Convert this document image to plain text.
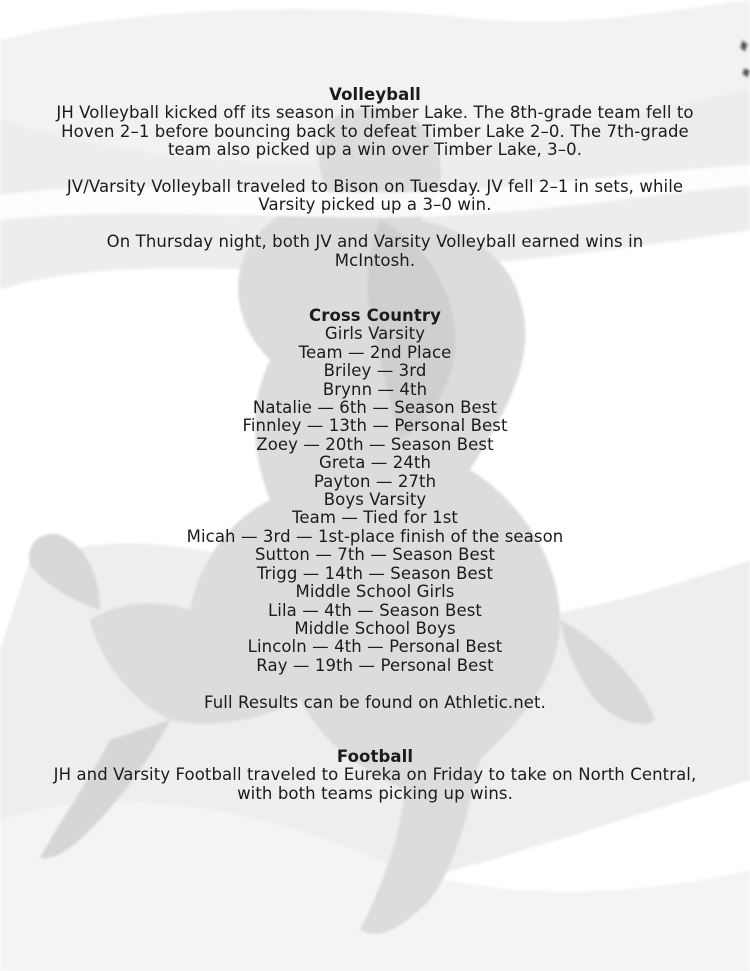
Volleyball

JH Volleyball kicked off its season in Timber Lake. The 8th-grade team fell to Hoven 2–1 before bouncing back to defeat Timber Lake 2–0. The 7th-grade team also picked up a win over Timber Lake, 3–0.

JV/Varsity Volleyball traveled to Bison on Tuesday. JV fell 2–1 in sets, while Varsity picked up a 3–0 win.

On Thursday night, both JV and Varsity Volleyball earned wins in McIntosh.

Cross Country

Girls Varsity

Team — 2nd Place

Briley — 3rd

Brynn — 4th

Natalie — 6th — Season Best

Finnley — 13th — Personal Best

Zoey — 20th — Season Best

Greta — 24th

Payton — 27th

Boys Varsity

Team — Tied for 1st

Micah — 3rd — 1st-place finish of the season

Sutton — 7th — Season Best

Trigg — 14th — Season Best

Middle School Girls

Lila — 4th — Season Best

Middle School Boys

Lincoln — 4th — Personal Best

Ray — 19th — Personal Best

Full Results can be found on Athletic.net.

Football

JH and Varsity Football traveled to Eureka on Friday to take on North Central, with both teams picking up wins.
